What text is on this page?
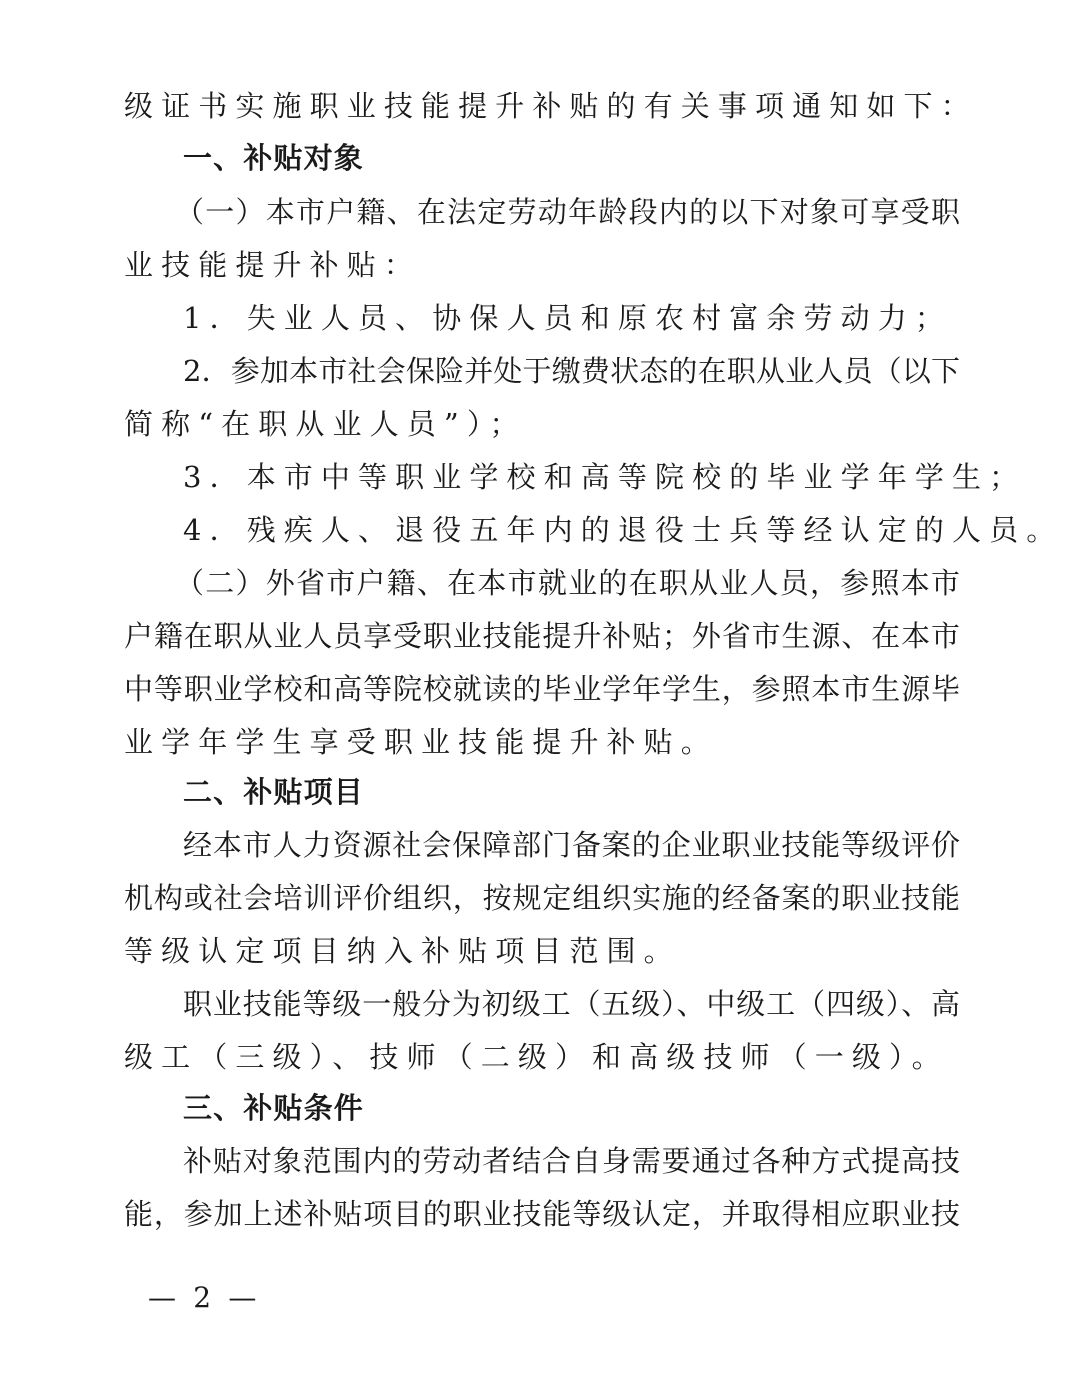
级证书实施职业技能提升补贴的有关事项通知如下：
一、补贴对象
（一）本市户籍、在法定劳动年龄段内的以下对象可享受职
业技能提升补贴：
1．失业人员、协保人员和原农村富余劳动力；
2．参加本市社会保险并处于缴费状态的在职从业人员（以下
简称“在职从业人员”）；
3．本市中等职业学校和高等院校的毕业学年学生；
4．残疾人、退役五年内的退役士兵等经认定的人员。
（二）外省市户籍、在本市就业的在职从业人员，参照本市
户籍在职从业人员享受职业技能提升补贴；外省市生源、在本市
中等职业学校和高等院校就读的毕业学年学生，参照本市生源毕
业学年学生享受职业技能提升补贴。
二、补贴项目
经本市人力资源社会保障部门备案的企业职业技能等级评价
机构或社会培训评价组织，按规定组织实施的经备案的职业技能
等级认定项目纳入补贴项目范围。
职业技能等级一般分为初级工（五级）、中级工（四级）、高
级工（三级）、技师（二级）和高级技师（一级）。
三、补贴条件
补贴对象范围内的劳动者结合自身需要通过各种方式提高技
能，参加上述补贴项目的职业技能等级认定，并取得相应职业技
— 2 —
